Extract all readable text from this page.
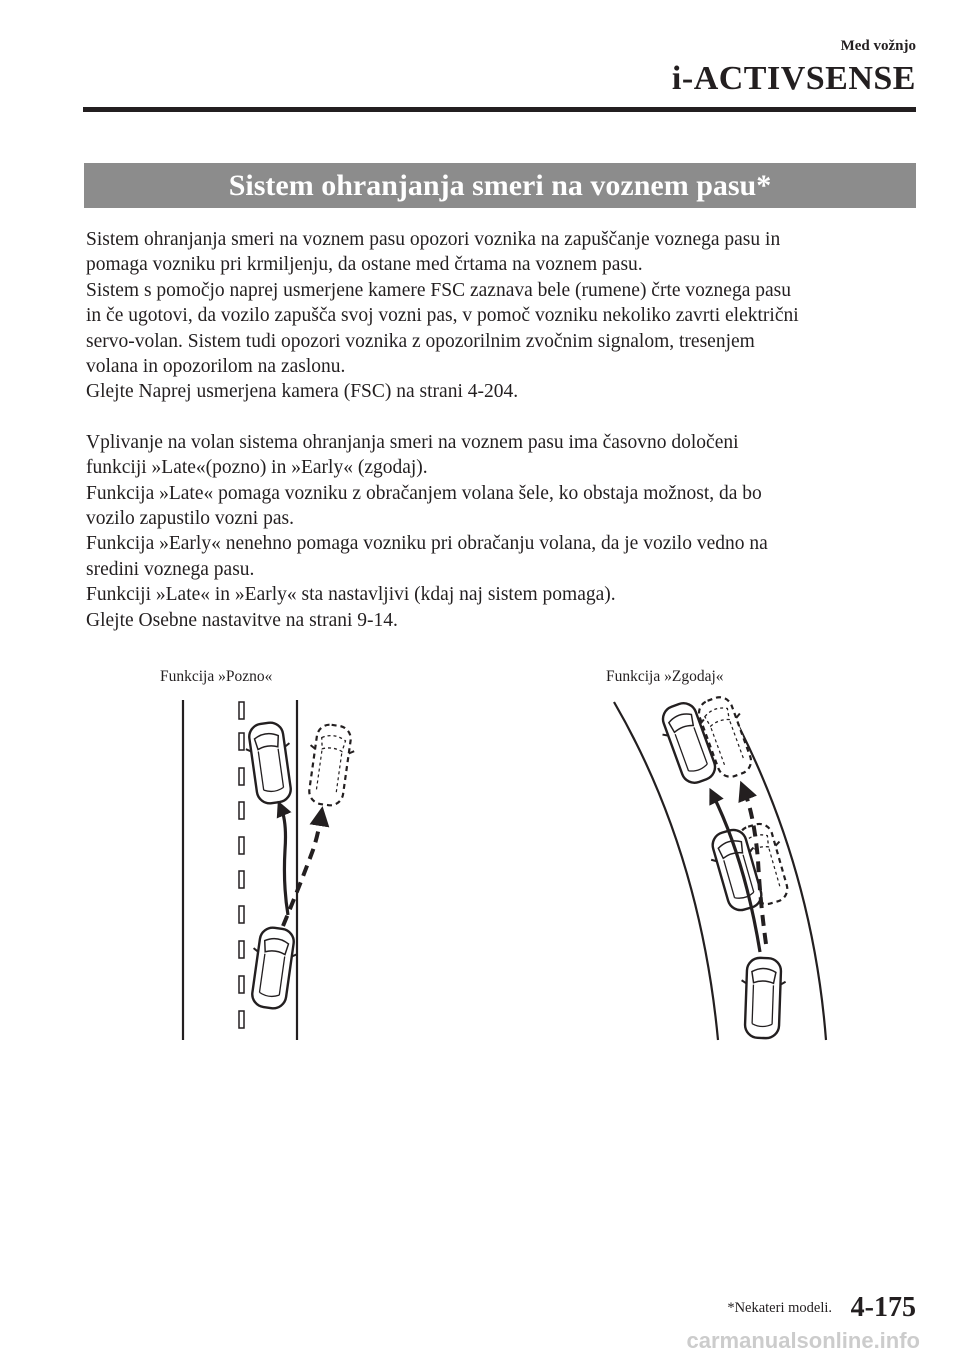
Med vožnjo
i-ACTIVSENSE
Sistem ohranjanja smeri na voznem pasu*

Sistem ohranjanja smeri na voznem pasu opozori voznika na zapuščanje voznega pasu in

pomaga vozniku pri krmiljenju, da ostane med črtama na voznem pasu.

Sistem s pomočjo naprej usmerjene kamere FSC zaznava bele (rumene) črte voznega pasu

in če ugotovi, da vozilo zapušča svoj vozni pas, v pomoč vozniku nekoliko zavrti električni

servo-volan. Sistem tudi opozori voznika z opozorilnim zvočnim signalom, tresenjem

volana in opozorilom na zaslonu.

Glejte Naprej usmerjena kamera (FSC) na strani 4-204.

Vplivanje na volan sistema ohranjanja smeri na voznem pasu ima časovno določeni

funkciji »Late«(pozno) in »Early« (zgodaj).

Funkcija »Late« pomaga vozniku z obračanjem volana šele, ko obstaja možnost, da bo

vozilo zapustilo vozni pas.

Funkcija »Early« nenehno pomaga vozniku pri obračanju volana, da je vozilo vedno na

sredini voznega pasu.

Funkciji »Late« in »Early« sta nastavljivi (kdaj naj sistem pomaga).

Glejte Osebne nastavitve na strani 9-14.

Funkcija »Pozno«	Funkcija »Zgodaj«
*Nekateri modeli. 4-175
carmanualsonline.info
